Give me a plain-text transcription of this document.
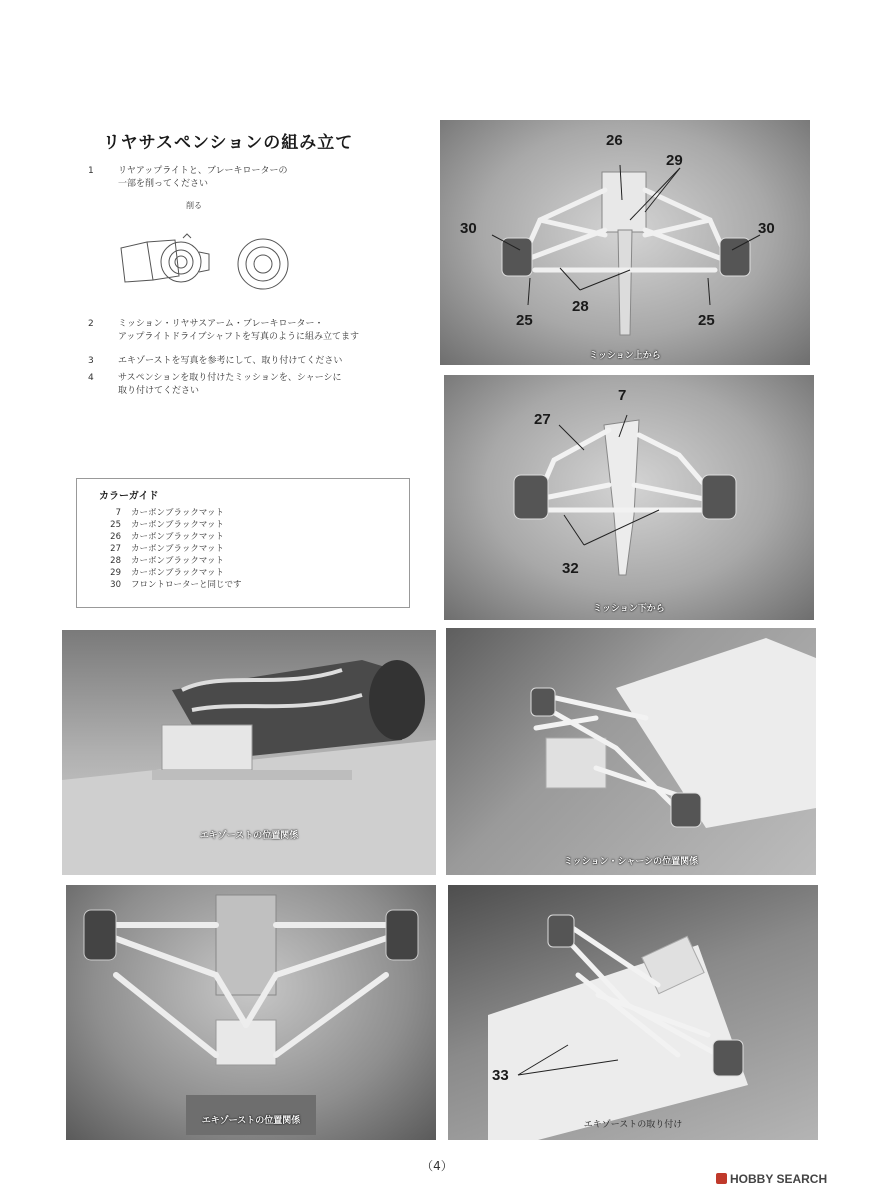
リヤサスペンションの組み立て
1	リヤアップライトと、ブレーキローターの
一部を削ってください
削る
2	ミッション・リヤサスアーム・ブレーキローター・
アップライトドライブシャフトを写真のように組み立てます
3	エキゾーストを写真を参考にして、取り付けてください
4	サスペンションを取り付けたミッションを、シャーシに
取り付けてください
カラーガイド
7 カーボンブラックマット
25 カーボンブラックマット
26 カーボンブラックマット
27 カーボンブラックマット
28 カーボンブラックマット
29 カーボンブラックマット
30 フロントローターと同じです
26
29
30	30
28
25	25
ミッション上から
7
27
32
ミッション下から
エキゾーストの位置関係
ミッション・シャーシの位置関係
エキゾーストの位置関係
33
エキゾーストの取り付け
（4）
HOBBY SEARCH
